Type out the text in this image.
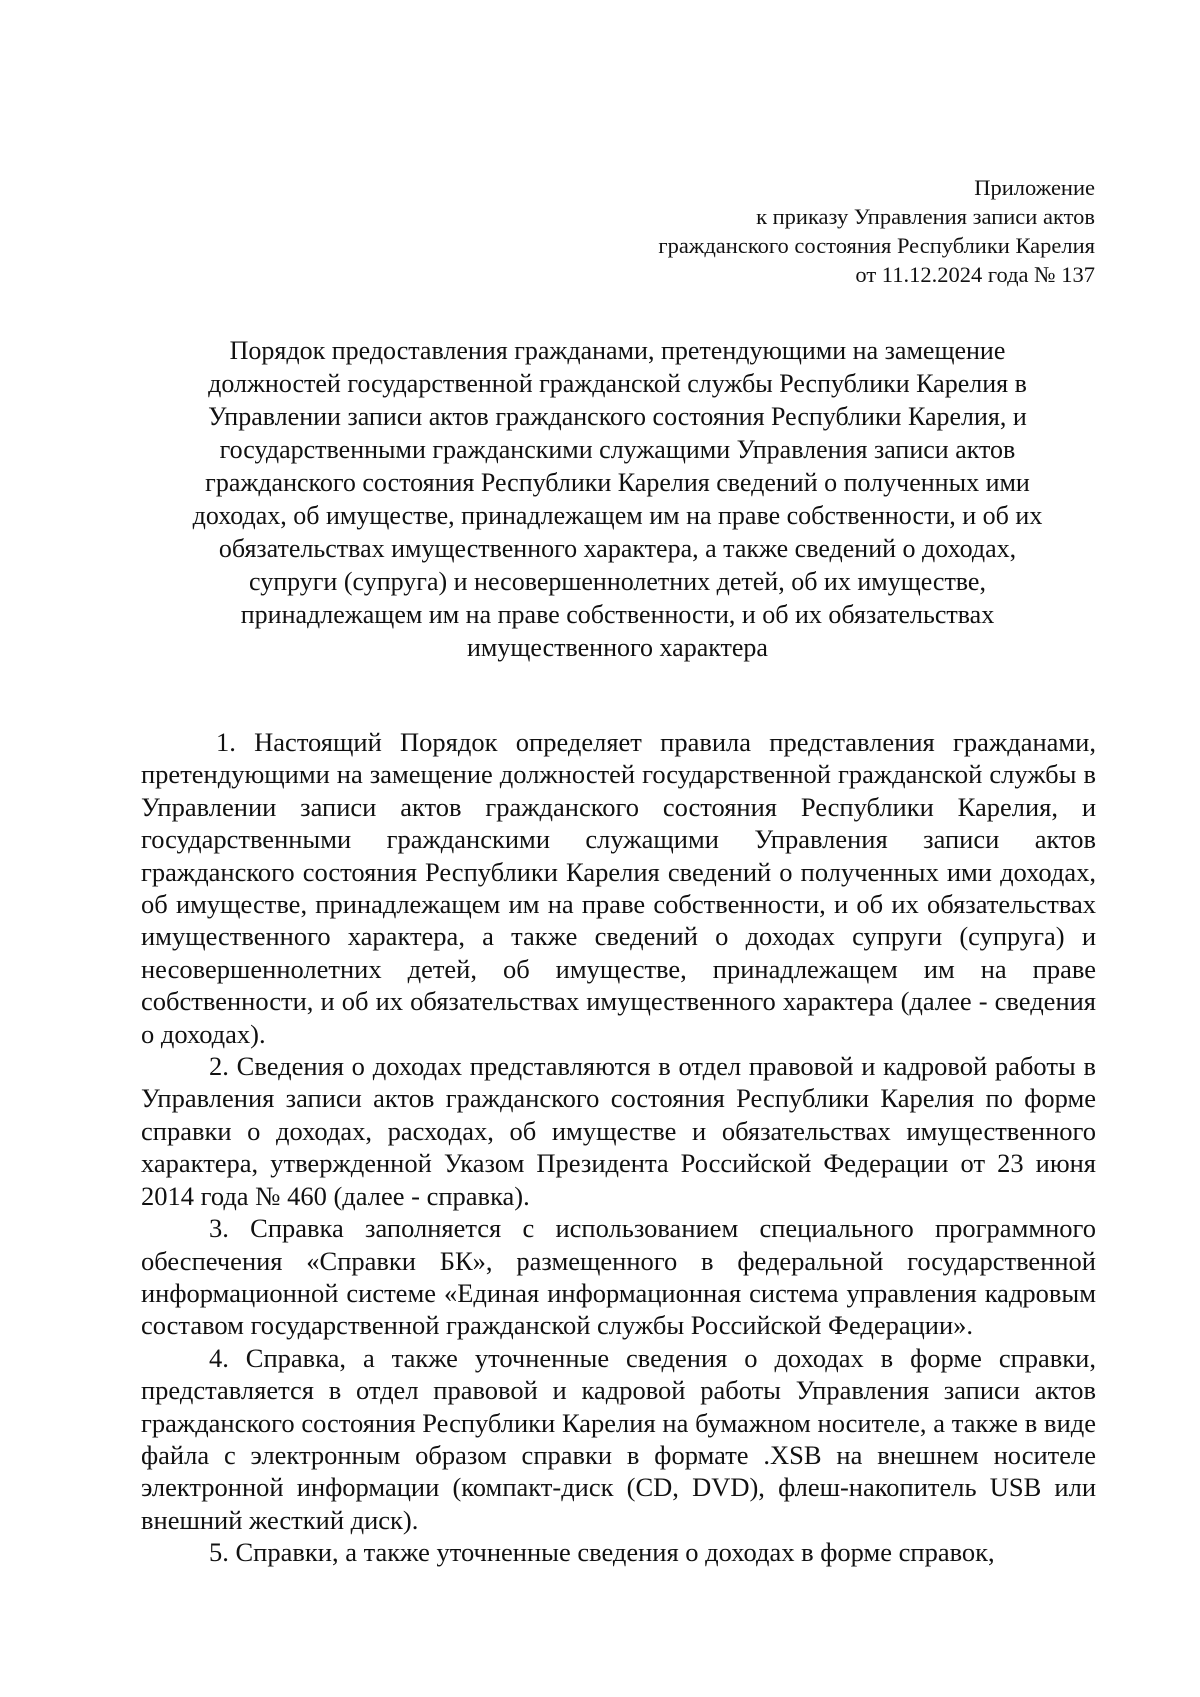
Приложение
к приказу Управления записи актов
гражданского состояния Республики Карелия
от 11.12.2024 года № 137
Порядок предоставления гражданами, претендующими на замещение
должностей государственной гражданской службы Республики Карелия в
Управлении записи актов гражданского состояния Республики Карелия, и
государственными гражданскими служащими Управления записи актов
гражданского состояния Республики Карелия сведений о полученных ими
доходах, об имуществе, принадлежащем им на праве собственности, и об их
обязательствах имущественного характера, а также сведений о доходах,
супруги (супруга) и несовершеннолетних детей, об их имуществе,
принадлежащем им на праве собственности, и об их обязательствах
имущественного характера

1. Настоящий Порядок определяет правила представления гражданами, претендующими на замещение должностей государственной гражданской службы в Управлении записи актов гражданского состояния Республики Карелия, и государственными гражданскими служащими Управления записи актов гражданского состояния Республики Карелия сведений о полученных ими доходах, об имуществе, принадлежащем им на праве собственности, и об их обязательствах имущественного характера, а также сведений о доходах супруги (супруга) и несовершеннолетних детей, об имуществе, принадлежащем им на праве собственности, и об их обязательствах имущественного характера (далее - сведения о доходах).

2. Сведения о доходах представляются в отдел правовой и кадровой работы в Управления записи актов гражданского состояния Республики Карелия по форме справки о доходах, расходах, об имуществе и обязательствах имущественного характера, утвержденной Указом Президента Российской Федерации от 23 июня 2014 года № 460 (далее - справка).

3. Справка заполняется с использованием специального программного обеспечения «Справки БК», размещенного в федеральной государственной информационной системе «Единая информационная система управления кадровым составом государственной гражданской службы Российской Федерации».

4. Справка, а также уточненные сведения о доходах в форме справки, представляется в отдел правовой и кадровой работы Управления записи актов гражданского состояния Республики Карелия на бумажном носителе, а также в виде файла с электронным образом справки в формате .XSB на внешнем носителе электронной информации (компакт-диск (CD, DVD), флеш-накопитель USB или внешний жесткий диск).

5. Справки, а также уточненные сведения о доходах в форме справок,
